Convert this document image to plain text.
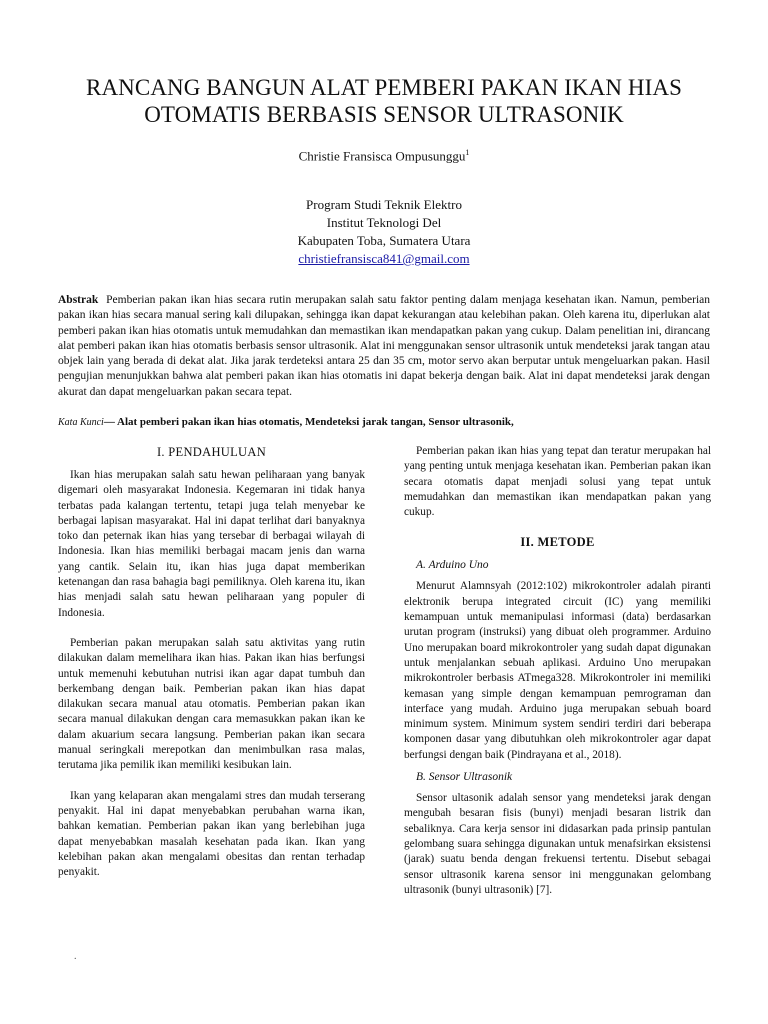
RANCANG BANGUN ALAT PEMBERI PAKAN IKAN HIAS OTOMATIS BERBASIS SENSOR ULTRASONIK
Christie Fransisca Ompusunggu$^1$
Program Studi Teknik Elektro
Institut Teknologi Del
Kabupaten Toba, Sumatera Utara
christiefransisca841@gmail.com

Abstrak Pemberian pakan ikan hias secara rutin merupakan salah satu faktor penting dalam menjaga kesehatan ikan. Namun, pemberian pakan ikan hias secara manual sering kali dilupakan, sehingga ikan dapat kekurangan atau kelebihan pakan. Oleh karena itu, diperlukan alat pemberi pakan ikan hias otomatis untuk memudahkan dan memastikan ikan mendapatkan pakan yang cukup. Dalam penelitian ini, dirancang alat pemberi pakan ikan hias otomatis berbasis sensor ultrasonik. Alat ini menggunakan sensor ultrasonik untuk mendeteksi jarak tangan atau objek lain yang berada di dekat alat. Jika jarak terdeteksi antara 25 dan 35 cm, motor servo akan berputar untuk mengeluarkan pakan. Hasil pengujian menunjukkan bahwa alat pemberi pakan ikan hias otomatis ini dapat bekerja dengan baik. Alat ini dapat mendeteksi jarak dengan akurat dan dapat mengeluarkan pakan secara tepat.

Kata Kunci— Alat pemberi pakan ikan hias otomatis, Mendeteksi jarak tangan, Sensor ultrasonik,
I. PENDAHULUAN

Ikan hias merupakan salah satu hewan peliharaan yang banyak digemari oleh masyarakat Indonesia. Kegemaran ini tidak hanya terbatas pada kalangan tertentu, tetapi juga telah menyebar ke berbagai lapisan masyarakat. Hal ini dapat terlihat dari banyaknya toko dan peternak ikan hias yang tersebar di berbagai wilayah di Indonesia. Ikan hias memiliki berbagai macam jenis dan warna yang cantik. Selain itu, ikan hias juga dapat memberikan ketenangan dan rasa bahagia bagi pemiliknya. Oleh karena itu, ikan hias menjadi salah satu hewan peliharaan yang populer di Indonesia.

Pemberian pakan merupakan salah satu aktivitas yang rutin dilakukan dalam memelihara ikan hias. Pakan ikan hias berfungsi untuk memenuhi kebutuhan nutrisi ikan agar dapat tumbuh dan berkembang dengan baik. Pemberian pakan ikan hias dapat dilakukan secara manual atau otomatis. Pemberian pakan ikan secara manual dilakukan dengan cara memasukkan pakan ikan ke dalam akuarium secara langsung. Pemberian pakan ikan secara manual seringkali merepotkan dan menimbulkan rasa malas, terutama jika pemilik ikan memiliki kesibukan lain.

Ikan yang kelaparan akan mengalami stres dan mudah terserang penyakit. Hal ini dapat menyebabkan perubahan warna ikan, bahkan kematian. Pemberian pakan ikan yang berlebihan juga dapat menyebabkan masalah kesehatan pada ikan. Ikan yang kelebihan pakan akan mengalami obesitas dan rentan terhadap penyakit.

Pemberian pakan ikan hias yang tepat dan teratur merupakan hal yang penting untuk menjaga kesehatan ikan. Pemberian pakan ikan secara otomatis dapat menjadi solusi yang tepat untuk memudahkan dan memastikan ikan mendapatkan pakan yang cukup.

II. METODE
A. Arduino Uno

Menurut Alamnsyah (2012:102) mikrokontroler adalah piranti elektronik berupa integrated circuit (IC) yang memiliki kemampuan untuk memanipulasi informasi (data) berdasarkan urutan program (instruksi) yang dibuat oleh programmer. Arduino Uno merupakan board mikrokontroler yang sudah dapat digunakan untuk menjalankan sebuah aplikasi. Arduino Uno merupakan mikrokontroler berbasis ATmega328. Mikrokontroler ini memiliki kemasan yang simple dengan kemampuan pemrograman dan interface yang mudah. Arduino juga merupakan sebuah board minimum system. Minimum system sendiri terdiri dari beberapa komponen dasar yang dibutuhkan oleh mikrokontroler agar dapat berfungsi dengan baik (Pindrayana et al., 2018).

B. Sensor Ultrasonik

Sensor ultasonik adalah sensor yang mendeteksi jarak dengan mengubah besaran fisis (bunyi) menjadi besaran listrik dan sebaliknya. Cara kerja sensor ini didasarkan pada prinsip pantulan gelombang suara sehingga digunakan untuk menafsirkan eksistensi (jarak) suatu benda dengan frekuensi tertentu. Disebut sebagai sensor ultrasonik karena sensor ini menggunakan gelombang ultrasonik (bunyi ultrasonik) [7].

.
